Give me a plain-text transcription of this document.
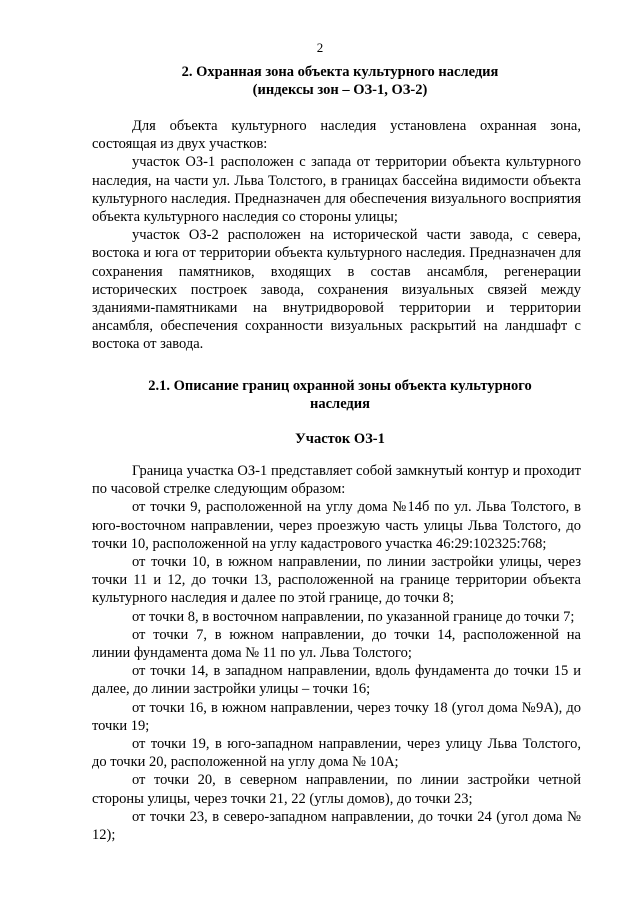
2
2. Охранная зона объекта культурного наследия
(индексы зон – ОЗ-1, ОЗ-2)

Для объекта культурного наследия установлена охранная зона, состоящая из двух участков:

участок ОЗ-1 расположен с запада от территории объекта культурного наследия, на части ул. Льва Толстого, в границах бассейна видимости объекта культурного наследия. Предназначен для обеспечения визуального восприятия объекта культурного наследия со стороны улицы;

участок ОЗ-2 расположен на исторической части завода, с севера, востока и юга от территории объекта культурного наследия. Предназначен для сохранения памятников, входящих в состав ансамбля, регенерации исторических построек завода, сохранения визуальных связей между зданиями-памятниками на внутридворовой территории и территории ансамбля, обеспечения сохранности визуальных раскрытий на ландшафт с востока от завода.

2.1. Описание границ охранной зоны объекта культурного
наследия
Участок ОЗ-1

Граница участка ОЗ-1 представляет собой замкнутый контур и проходит по часовой стрелке следующим образом:

от точки 9, расположенной на углу дома №14б по ул. Льва Толстого, в юго-восточном направлении, через проезжую часть улицы Льва Толстого, до точки 10, расположенной на углу кадастрового участка 46:29:102325:768;

от точки 10, в южном направлении, по линии застройки улицы, через точки 11 и 12, до точки 13, расположенной на границе территории объекта культурного наследия и далее по этой границе, до точки 8;

от точки 8, в восточном направлении, по указанной границе до точки 7;

от точки 7, в южном направлении, до точки 14, расположенной на линии фундамента дома № 11 по ул. Льва Толстого;

от точки 14, в западном направлении, вдоль фундамента до точки 15 и далее, до линии застройки улицы – точки 16;

от точки 16, в южном направлении, через точку 18 (угол дома №9А), до точки 19;

от точки 19, в юго-западном направлении, через улицу Льва Толстого, до точки 20, расположенной на углу дома № 10А;

от точки 20, в северном направлении, по линии застройки четной стороны улицы, через точки 21, 22 (углы домов), до точки 23;

от точки 23, в северо-западном направлении, до точки 24 (угол дома № 12);
